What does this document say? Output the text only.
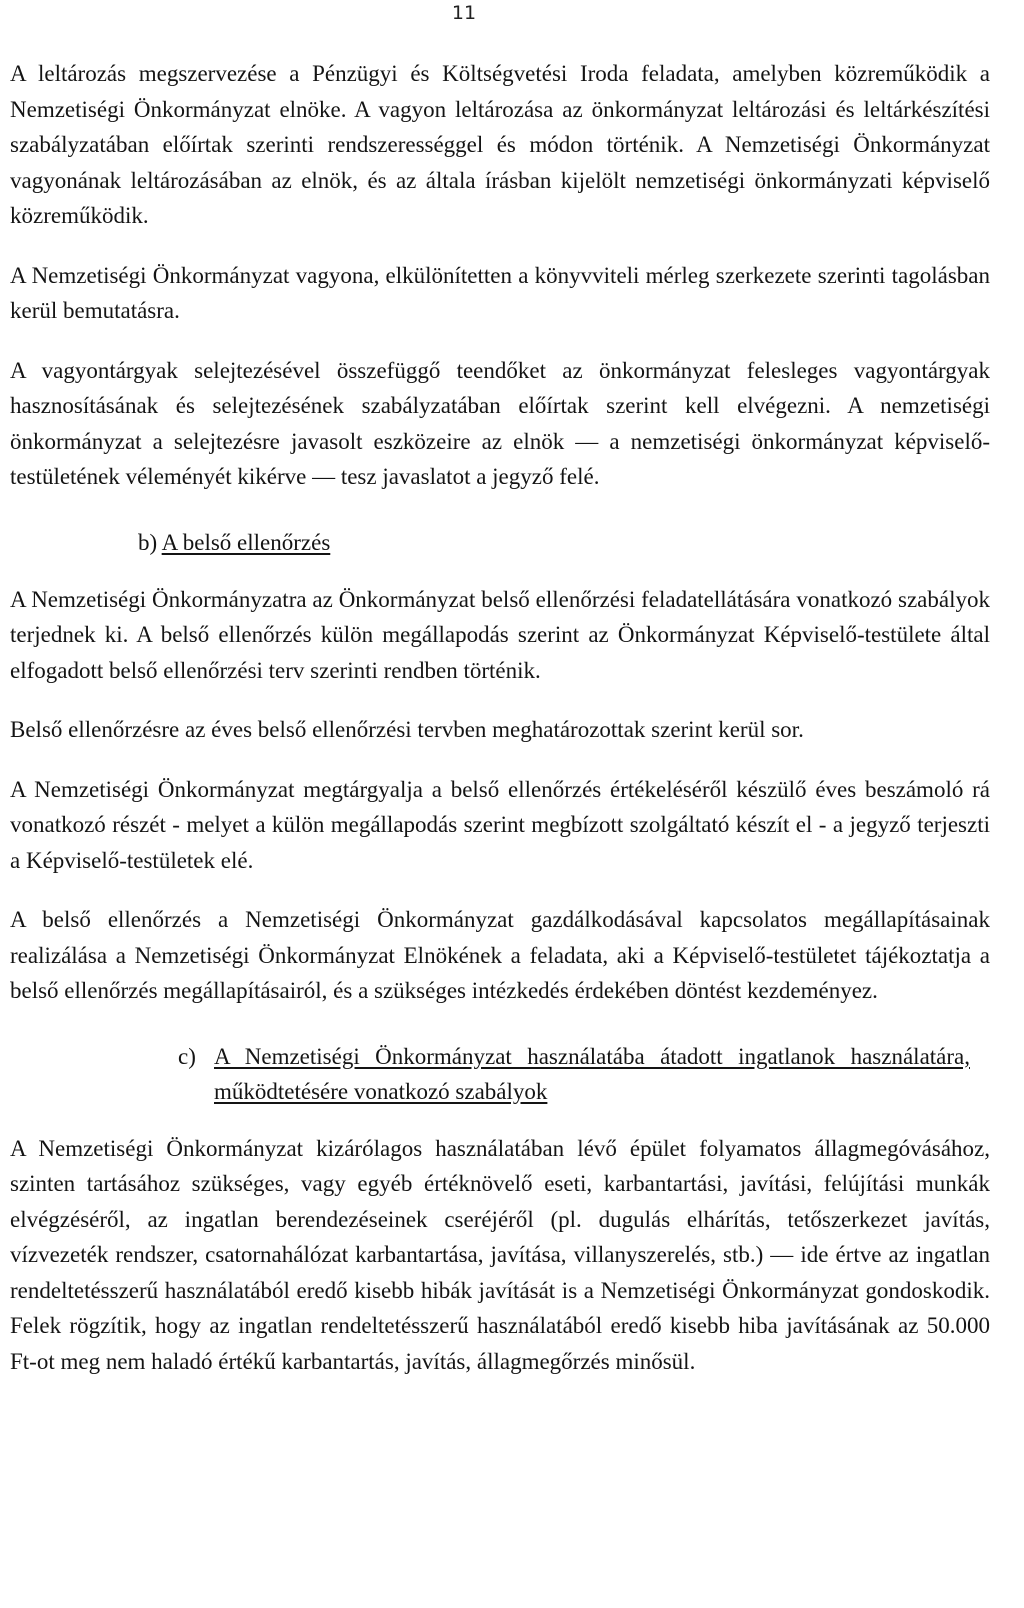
11

A leltározás megszervezése a Pénzügyi és Költségvetési Iroda feladata, amelyben közreműködik a Nemzetiségi Önkormányzat elnöke. A vagyon leltározása az önkormányzat leltározási és leltárkészítési szabályzatában előírtak szerinti rendszerességgel és módon történik. A Nemzetiségi Önkormányzat vagyonának leltározásában az elnök, és az általa írásban kijelölt nemzetiségi önkormányzati képviselő közreműködik.

A Nemzetiségi Önkormányzat vagyona, elkülönítetten a könyvviteli mérleg szerkezete szerinti tagolásban kerül bemutatásra.

A vagyontárgyak selejtezésével összefüggő teendőket az önkormányzat felesleges vagyontárgyak hasznosításának és selejtezésének szabályzatában előírtak szerint kell elvégezni. A nemzetiségi önkormányzat a selejtezésre javasolt eszközeire az elnök — a nemzetiségi önkormányzat képviselő-testületének véleményét kikérve — tesz javaslatot a jegyző felé.

b) A belső ellenőrzés

A Nemzetiségi Önkormányzatra az Önkormányzat belső ellenőrzési feladatellátására vonatkozó szabályok terjednek ki. A belső ellenőrzés külön megállapodás szerint az Önkormányzat Képviselő-testülete által elfogadott belső ellenőrzési terv szerinti rendben történik.

Belső ellenőrzésre az éves belső ellenőrzési tervben meghatározottak szerint kerül sor.

A Nemzetiségi Önkormányzat megtárgyalja a belső ellenőrzés értékeléséről készülő éves beszámoló rá vonatkozó részét - melyet a külön megállapodás szerint megbízott szolgáltató készít el - a jegyző terjeszti a Képviselő-testületek elé.

A belső ellenőrzés a Nemzetiségi Önkormányzat gazdálkodásával kapcsolatos megállapításainak realizálása a Nemzetiségi Önkormányzat Elnökének a feladata, aki a Képviselő-testületet tájékoztatja a belső ellenőrzés megállapításairól, és a szükséges intézkedés érdekében döntést kezdeményez.

c) A Nemzetiségi Önkormányzat használatába átadott ingatlanok használatára, működtetésére vonatkozó szabályok

A Nemzetiségi Önkormányzat kizárólagos használatában lévő épület folyamatos állagmegóvásához, szinten tartásához szükséges, vagy egyéb értéknövelő eseti, karbantartási, javítási, felújítási munkák elvégzéséről, az ingatlan berendezéseinek cseréjéről (pl. dugulás elhárítás, tetőszerkezet javítás, vízvezeték rendszer, csatornahálózat karbantartása, javítása, villanyszerelés, stb.) — ide értve az ingatlan rendeltetésszerű használatából eredő kisebb hibák javítását is a Nemzetiségi Önkormányzat gondoskodik. Felek rögzítik, hogy az ingatlan rendeltetésszerű használatából eredő kisebb hiba javításának az 50.000 Ft-ot meg nem haladó értékű karbantartás, javítás, állagmegőrzés minősül.
